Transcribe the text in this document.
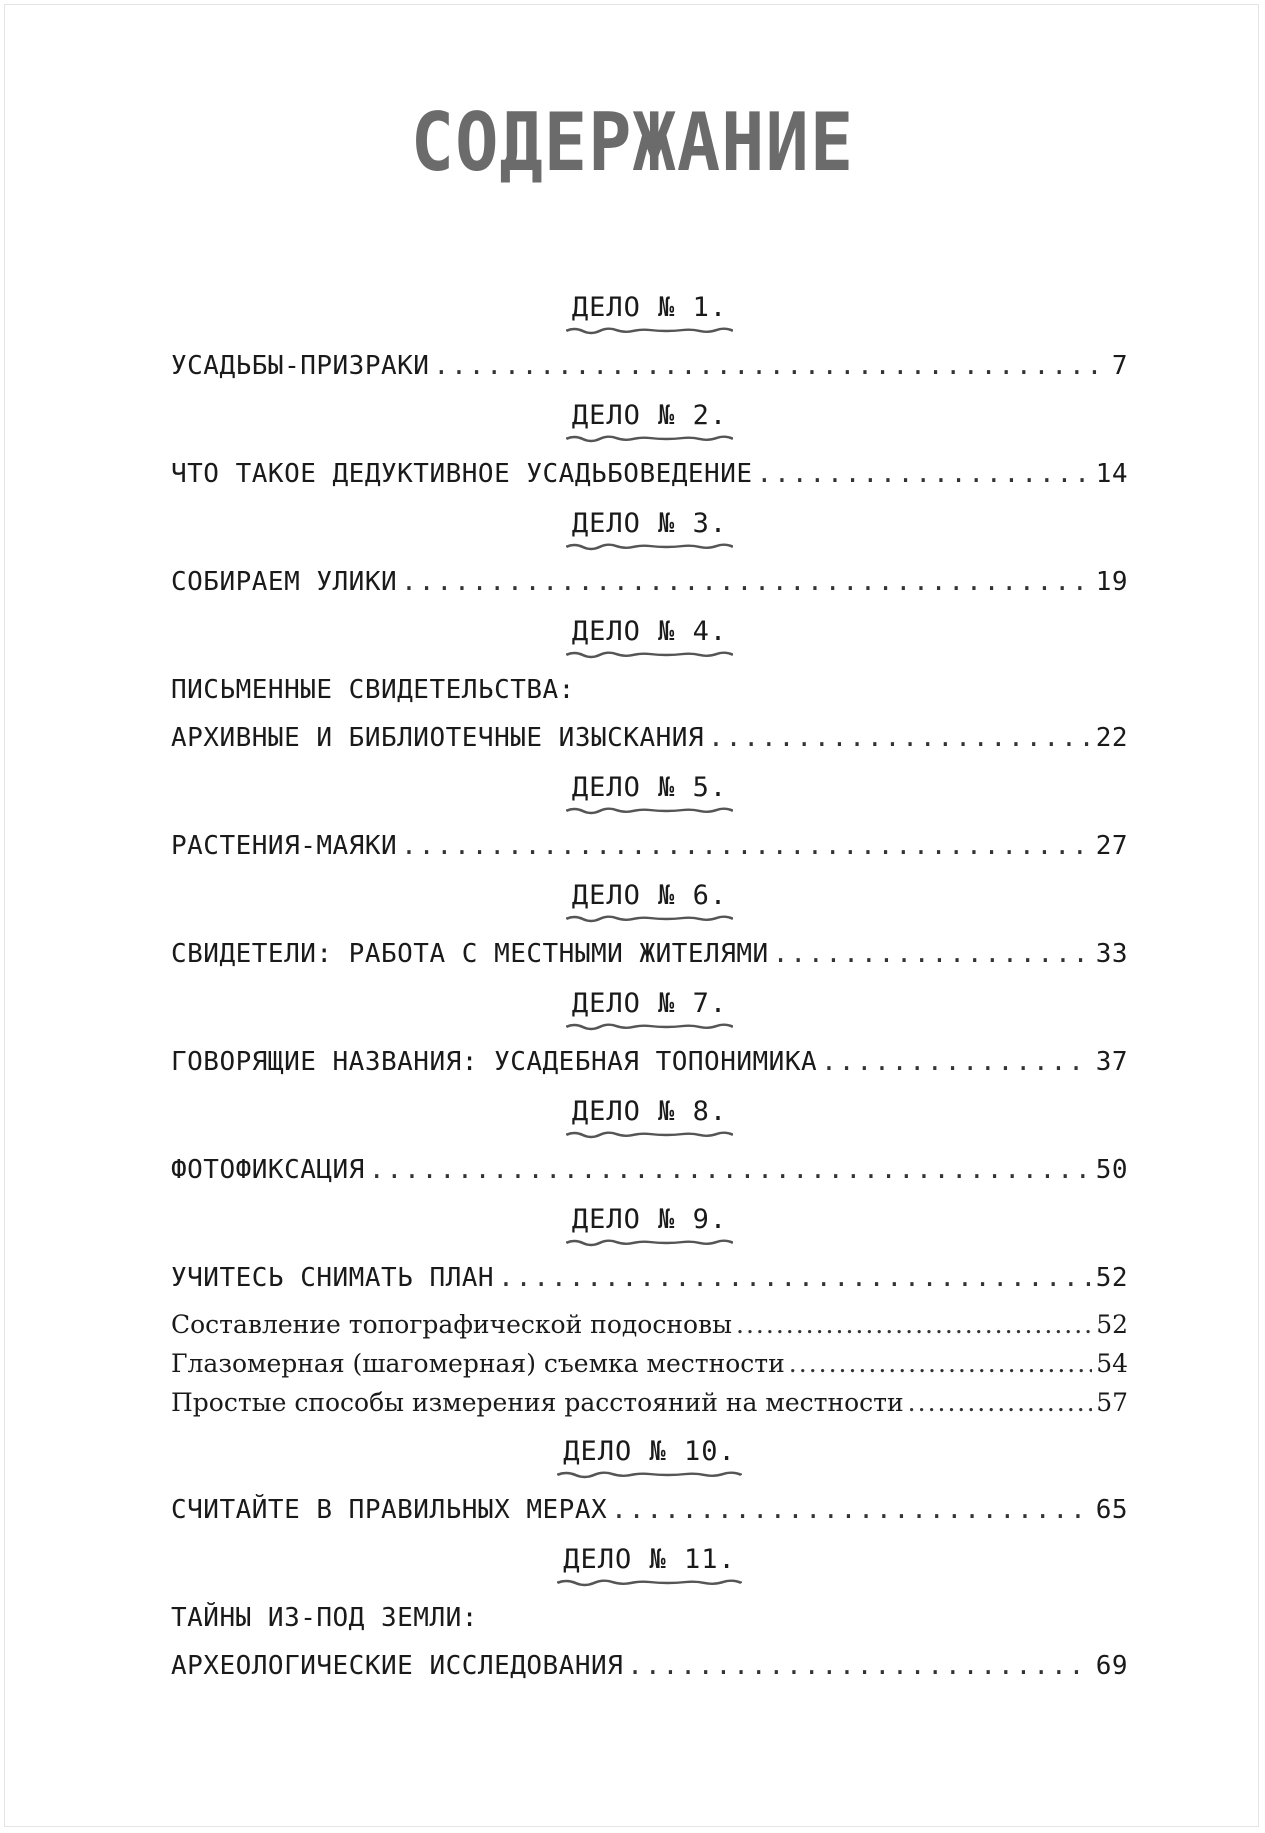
СОДЕРЖАНИЕ
ДЕЛО № 1.
УСАДЬБЫ-ПРИЗРАКИ .....	7
ДЕЛО № 2.
ЧТО ТАКОЕ ДЕДУКТИВНОЕ УСАДЬБОВЕДЕНИЕ .....	14
ДЕЛО № 3.
СОБИРАЕМ УЛИКИ .....	19
ДЕЛО № 4.
ПИСЬМЕННЫЕ СВИДЕТЕЛЬСТВА:
АРХИВНЫЕ И БИБЛИОТЕЧНЫЕ ИЗЫСКАНИЯ .....	22
ДЕЛО № 5.
РАСТЕНИЯ-МАЯКИ .....	27
ДЕЛО № 6.
СВИДЕТЕЛИ: РАБОТА С МЕСТНЫМИ ЖИТЕЛЯМИ .....	33
ДЕЛО № 7.
ГОВОРЯЩИЕ НАЗВАНИЯ: УСАДЕБНАЯ ТОПОНИМИКА .....	37
ДЕЛО № 8.
ФОТОФИКСАЦИЯ .....	50
ДЕЛО № 9.
УЧИТЕСЬ СНИМАТЬ ПЛАН .....	52
Составление топографической подосновы .....	52
Глазомерная (шагомерная) съемка местности .....	54
Простые способы измерения расстояний на местности .....	57
ДЕЛО № 10.
СЧИТАЙТЕ В ПРАВИЛЬНЫХ МЕРАХ .....	65
ДЕЛО № 11.
ТАЙНЫ ИЗ-ПОД ЗЕМЛИ:
АРХЕОЛОГИЧЕСКИЕ ИССЛЕДОВАНИЯ .....	69
